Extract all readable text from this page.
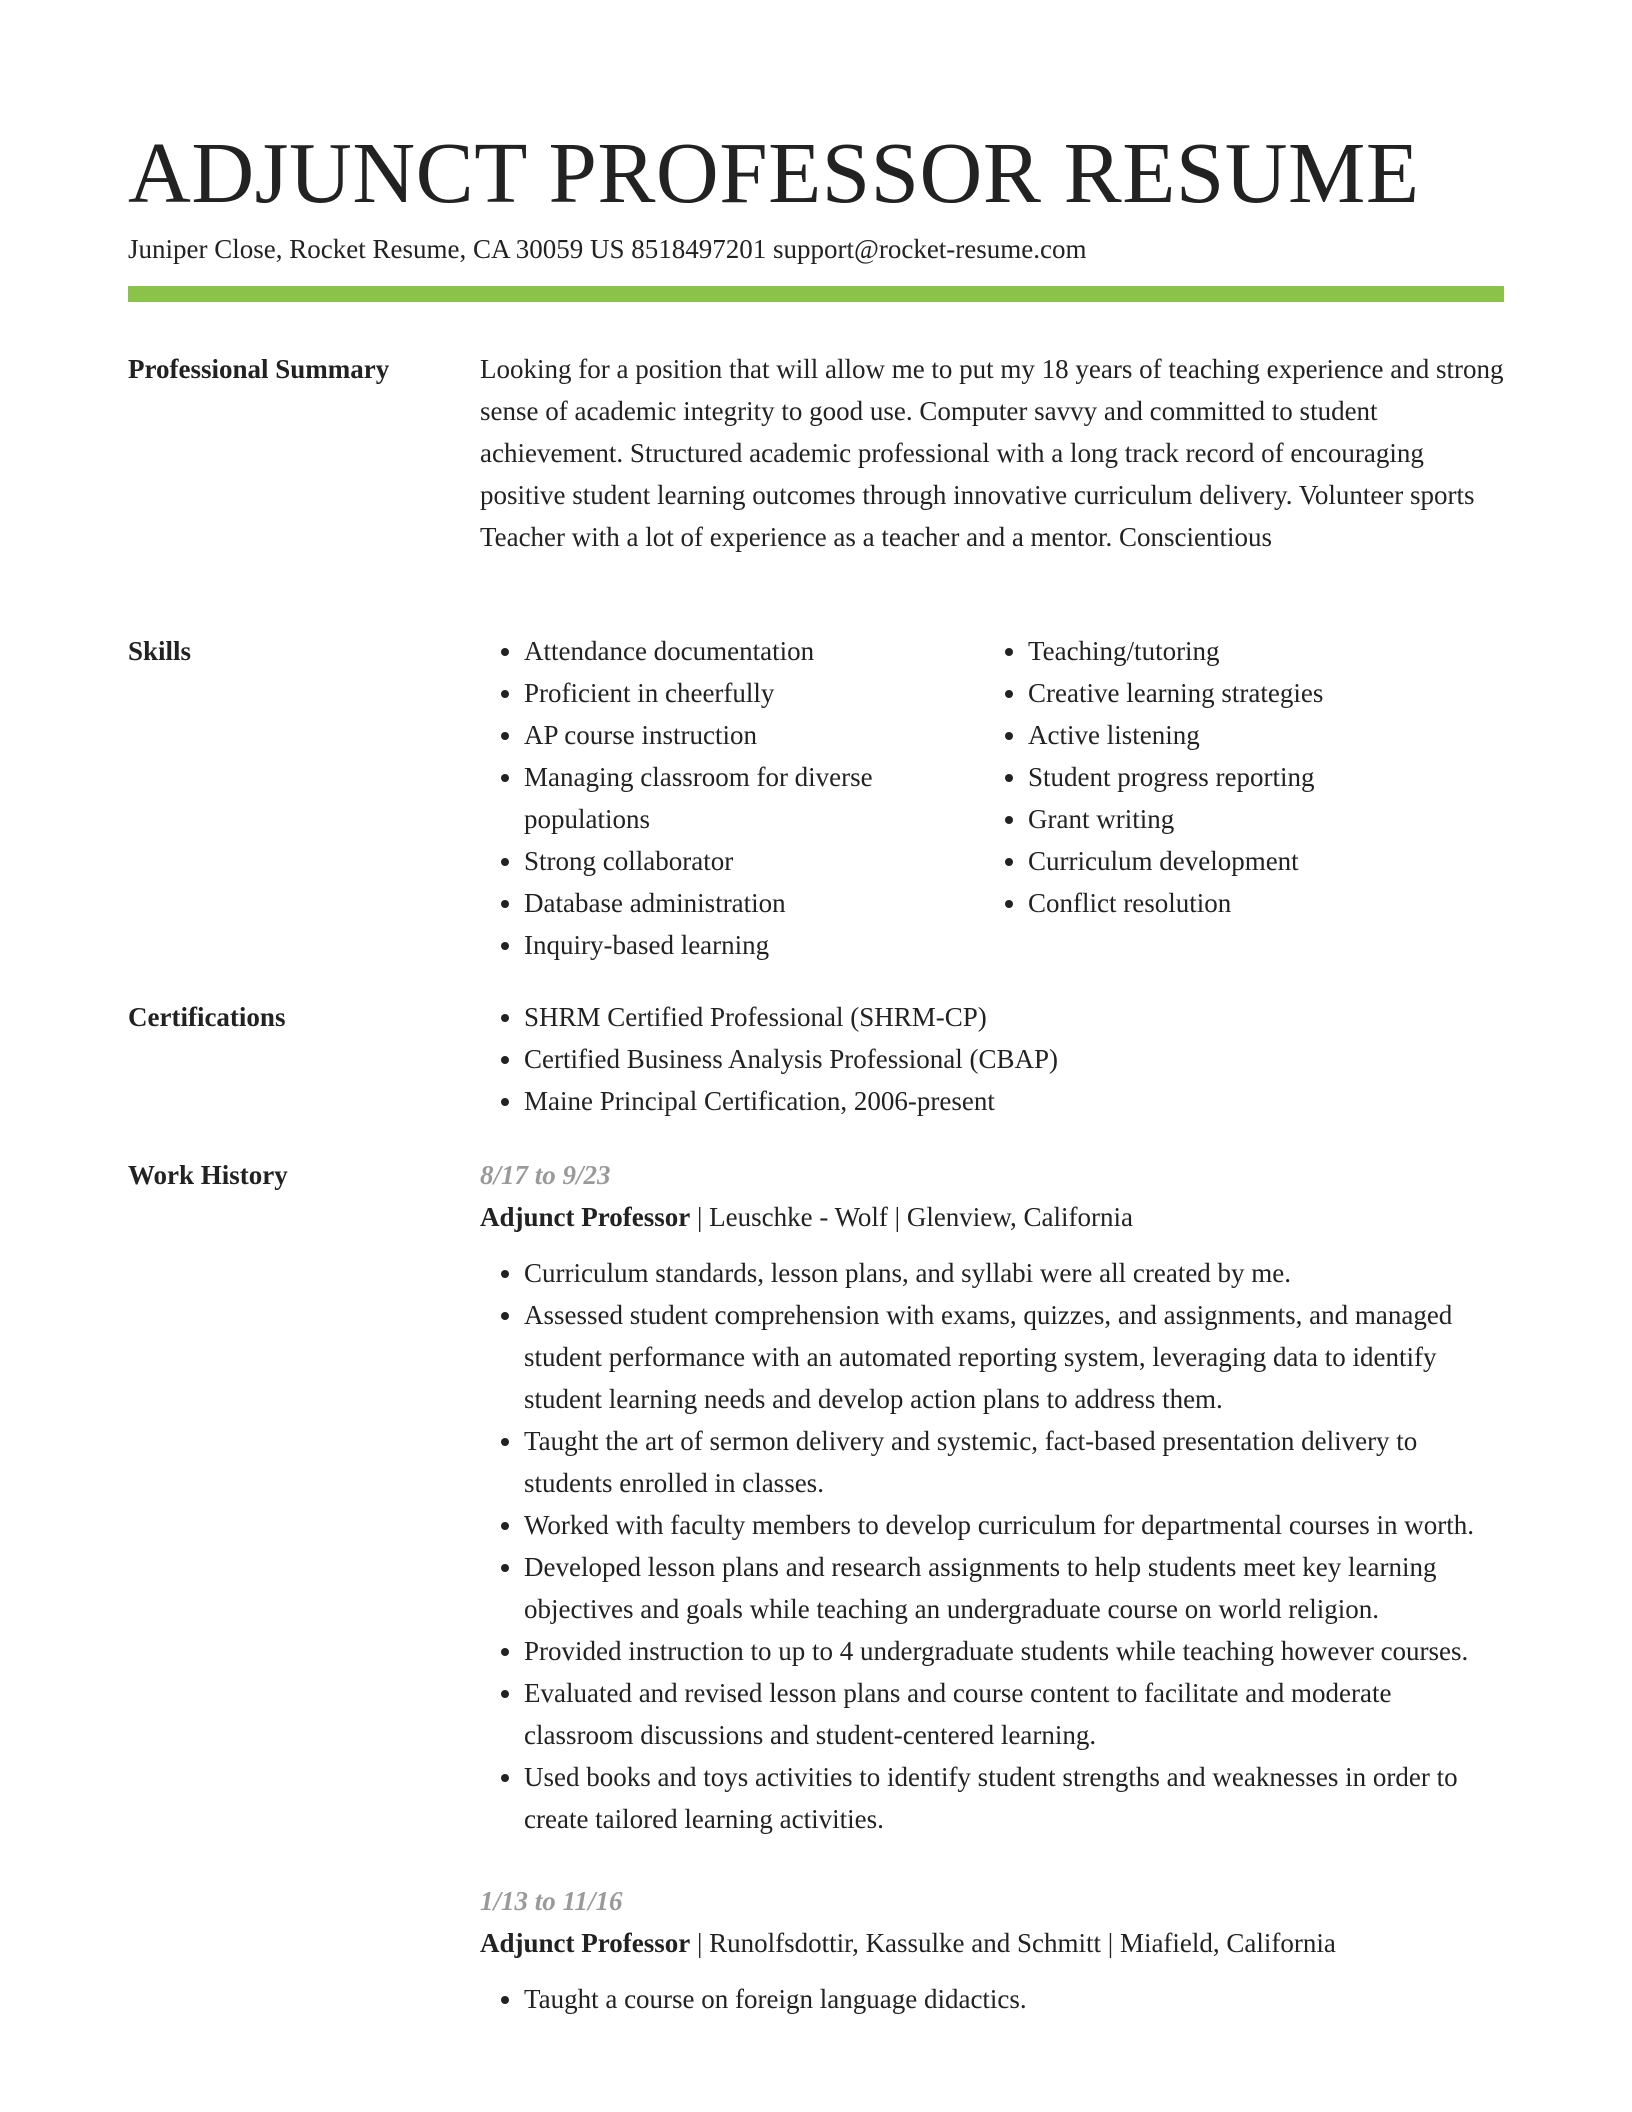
ADJUNCT PROFESSOR RESUME
Juniper Close, Rocket Resume, CA 30059 US 8518497201 support@rocket-resume.com
Professional Summary	Looking for a position that will allow me to put my 18 years of teaching experience and strong sense of academic integrity to good use. Computer savvy and committed to student achievement. Structured academic professional with a long track record of encouraging positive student learning outcomes through innovative curriculum delivery. Volunteer sports Teacher with a lot of experience as a teacher and a mentor. Conscientious

Skills	• Attendance documentation
• Proficient in cheerfully
• AP course instruction
• Managing classroom for diverse populations
• Strong collaborator
• Database administration
• Inquiry-based learning
• Teaching/tutoring
• Creative learning strategies
• Active listening
• Student progress reporting
• Grant writing
• Curriculum development
• Conflict resolution
Certifications	• SHRM Certified Professional (SHRM-CP)
• Certified Business Analysis Professional (CBAP)
• Maine Principal Certification, 2006-present
Work History	8/17 to 9/23
Adjunct Professor | Leuschke - Wolf | Glenview, California
• Curriculum standards, lesson plans, and syllabi were all created by me.
• Assessed student comprehension with exams, quizzes, and assignments, and managed student performance with an automated reporting system, leveraging data to identify student learning needs and develop action plans to address them.
• Taught the art of sermon delivery and systemic, fact-based presentation delivery to students enrolled in classes.
• Worked with faculty members to develop curriculum for departmental courses in worth.
• Developed lesson plans and research assignments to help students meet key learning objectives and goals while teaching an undergraduate course on world religion.
• Provided instruction to up to 4 undergraduate students while teaching however courses.
• Evaluated and revised lesson plans and course content to facilitate and moderate classroom discussions and student-centered learning.
• Used books and toys activities to identify student strengths and weaknesses in order to create tailored learning activities.
1/13 to 11/16
Adjunct Professor | Runolfsdottir, Kassulke and Schmitt | Miafield, California
• Taught a course on foreign language didactics.
